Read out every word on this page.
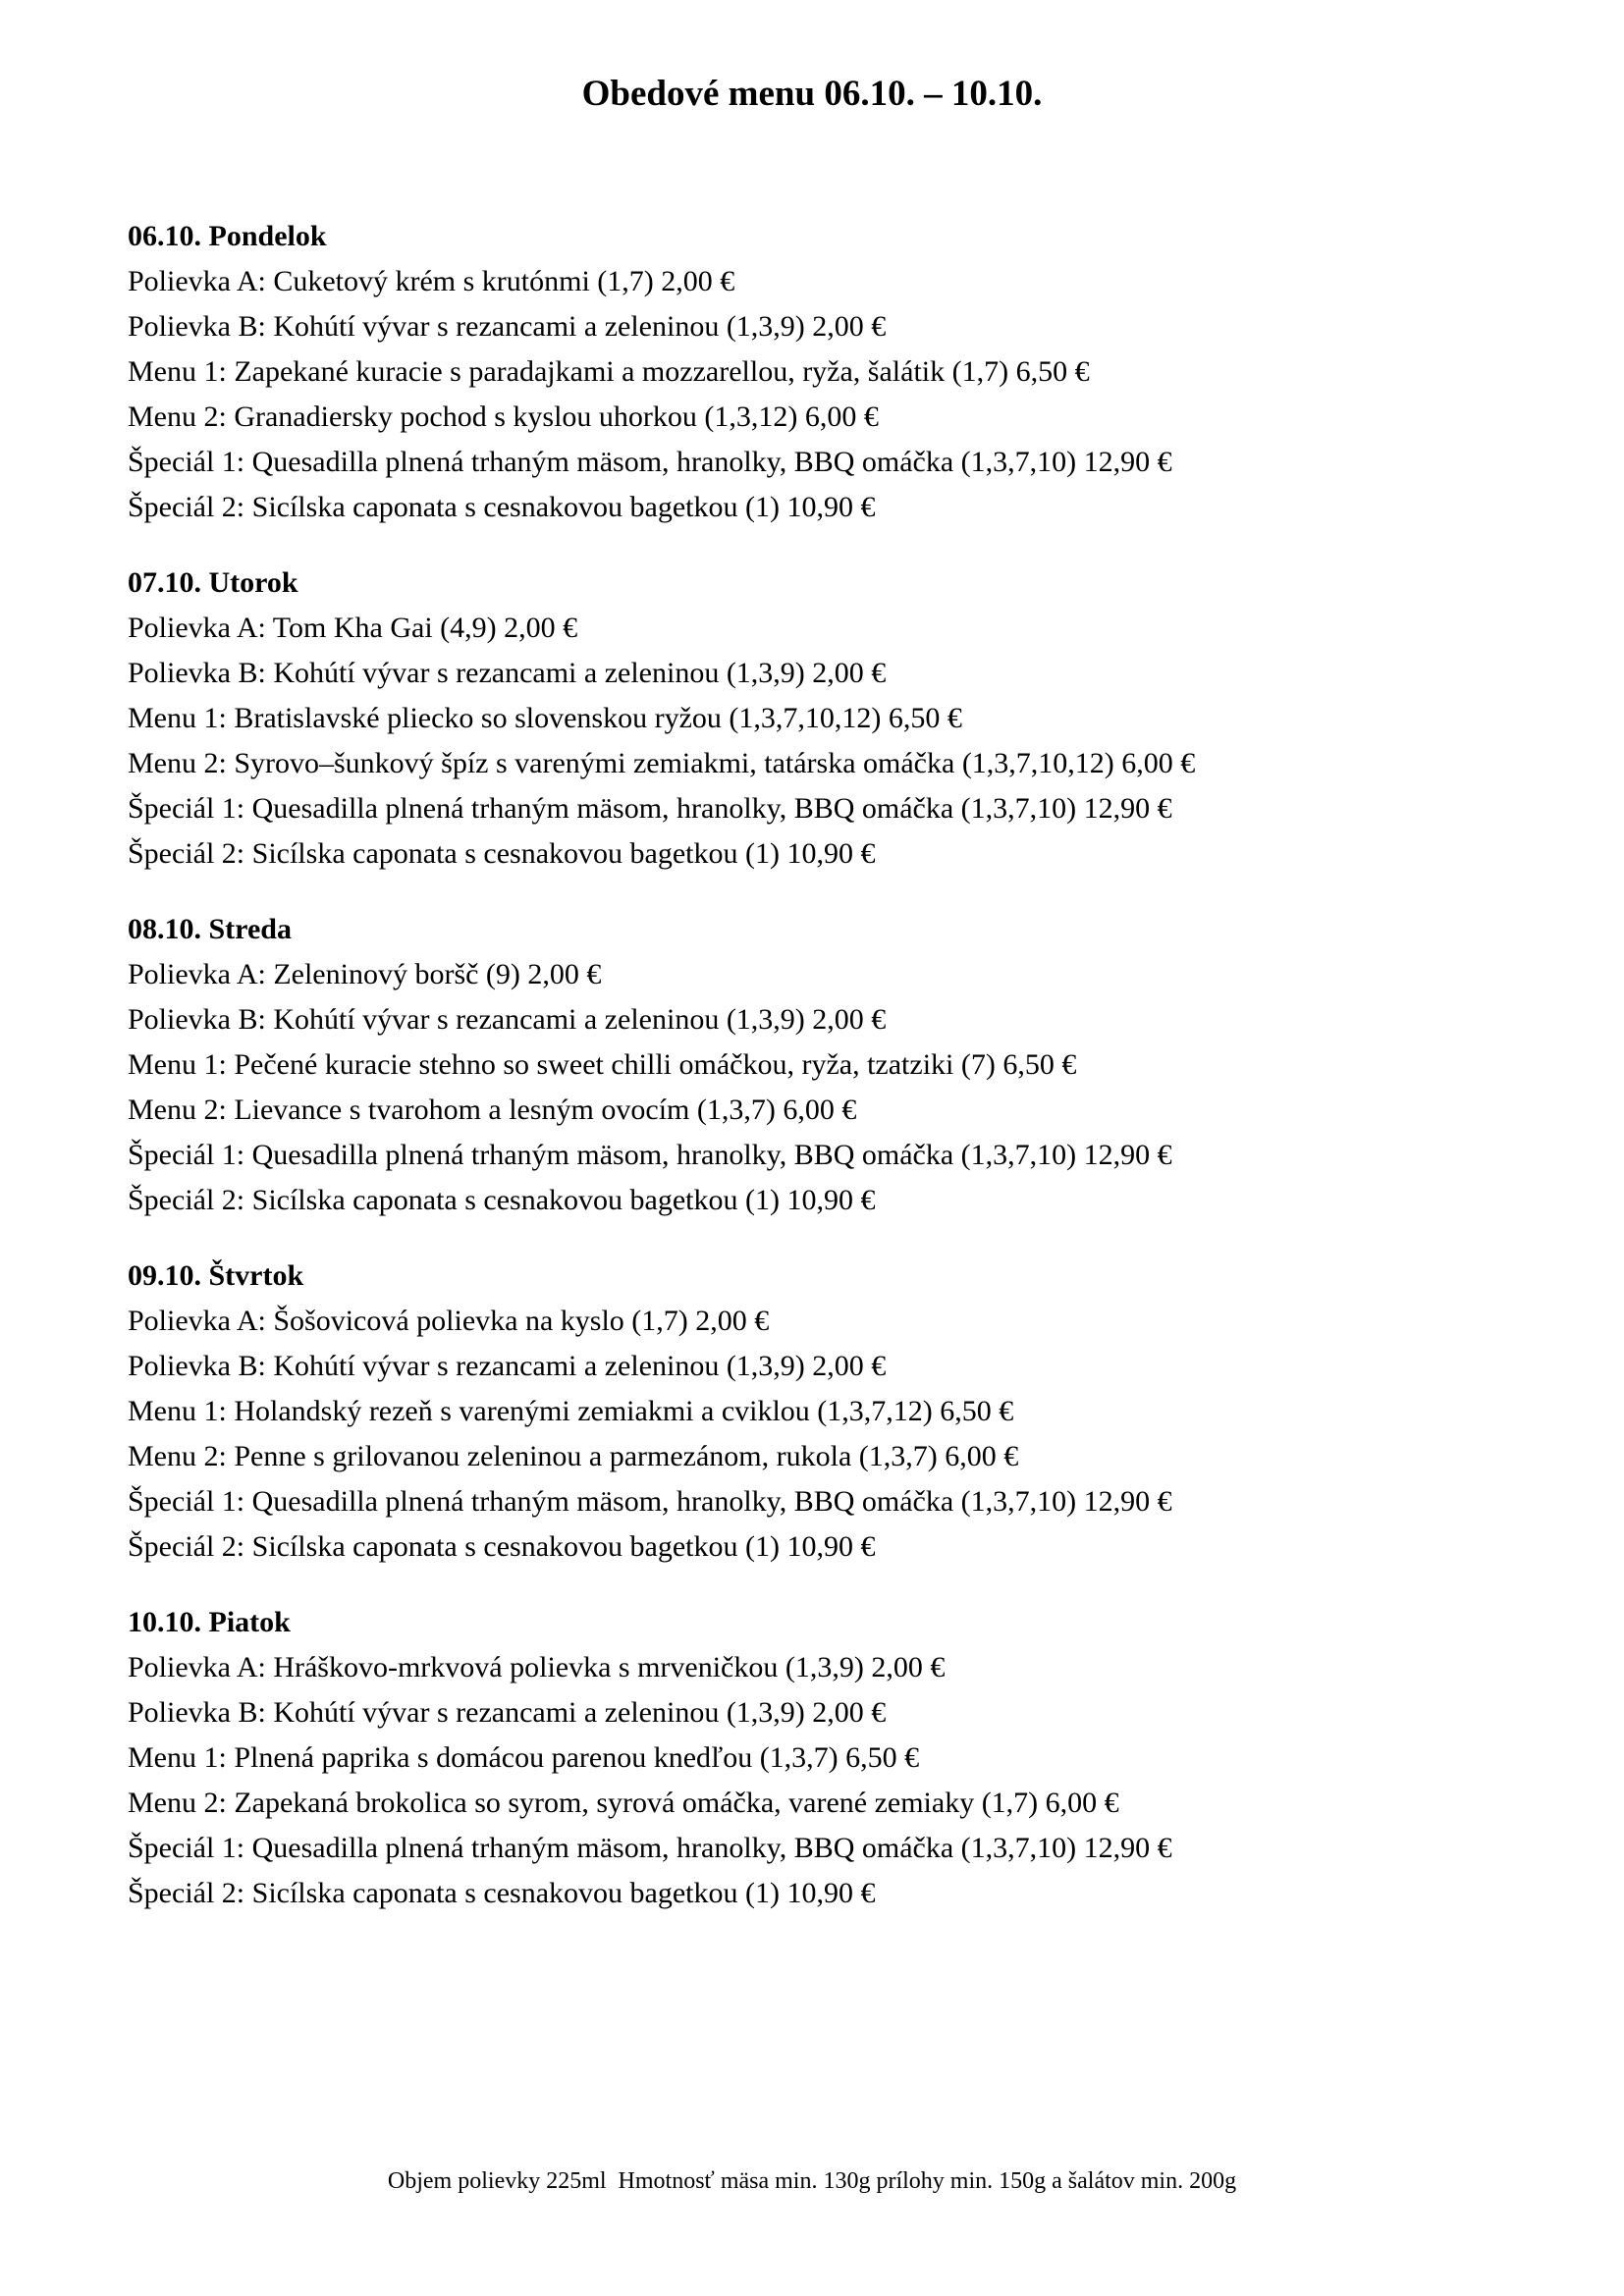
Obedové menu 06.10. – 10.10.
06.10. Pondelok

Polievka A: Cuketový krém s krutónmi (1,7) 2,00 €

Polievka B: Kohútí vývar s rezancami a zeleninou (1,3,9) 2,00 €

Menu 1: Zapekané kuracie s paradajkami a mozzarellou, ryža, šalátik (1,7) 6,50 €

Menu 2: Granadiersky pochod s kyslou uhorkou (1,3,12) 6,00 €

Špeciál 1: Quesadilla plnená trhaným mäsom, hranolky, BBQ omáčka (1,3,7,10) 12,90 €

Špeciál 2: Sicílska caponata s cesnakovou bagetkou (1) 10,90 €

07.10. Utorok

Polievka A: Tom Kha Gai (4,9) 2,00 €

Polievka B: Kohútí vývar s rezancami a zeleninou (1,3,9) 2,00 €

Menu 1: Bratislavské pliecko so slovenskou ryžou (1,3,7,10,12) 6,50 €

Menu 2: Syrovo–šunkový špíz s varenými zemiakmi, tatárska omáčka (1,3,7,10,12) 6,00 €

Špeciál 1: Quesadilla plnená trhaným mäsom, hranolky, BBQ omáčka (1,3,7,10) 12,90 €

Špeciál 2: Sicílska caponata s cesnakovou bagetkou (1) 10,90 €

08.10. Streda

Polievka A: Zeleninový boršč (9) 2,00 €

Polievka B: Kohútí vývar s rezancami a zeleninou (1,3,9) 2,00 €

Menu 1: Pečené kuracie stehno so sweet chilli omáčkou, ryža, tzatziki (7) 6,50 €

Menu 2: Lievance s tvarohom a lesným ovocím (1,3,7) 6,00 €

Špeciál 1: Quesadilla plnená trhaným mäsom, hranolky, BBQ omáčka (1,3,7,10) 12,90 €

Špeciál 2: Sicílska caponata s cesnakovou bagetkou (1) 10,90 €

09.10. Štvrtok

Polievka A: Šošovicová polievka na kyslo (1,7) 2,00 €

Polievka B: Kohútí vývar s rezancami a zeleninou (1,3,9) 2,00 €

Menu 1: Holandský rezeň s varenými zemiakmi a cviklou (1,3,7,12) 6,50 €

Menu 2: Penne s grilovanou zeleninou a parmezánom, rukola (1,3,7) 6,00 €

Špeciál 1: Quesadilla plnená trhaným mäsom, hranolky, BBQ omáčka (1,3,7,10) 12,90 €

Špeciál 2: Sicílska caponata s cesnakovou bagetkou (1) 10,90 €

10.10. Piatok

Polievka A: Hráškovo-mrkvová polievka s mrveničkou (1,3,9) 2,00 €

Polievka B: Kohútí vývar s rezancami a zeleninou (1,3,9) 2,00 €

Menu 1: Plnená paprika s domácou parenou knedľou (1,3,7) 6,50 €

Menu 2: Zapekaná brokolica so syrom, syrová omáčka, varené zemiaky (1,7) 6,00 €

Špeciál 1: Quesadilla plnená trhaným mäsom, hranolky, BBQ omáčka (1,3,7,10) 12,90 €

Špeciál 2: Sicílska caponata s cesnakovou bagetkou (1) 10,90 €

Objem polievky 225ml  Hmotnosť mäsa min. 130g prílohy min. 150g a šalátov min. 200g
